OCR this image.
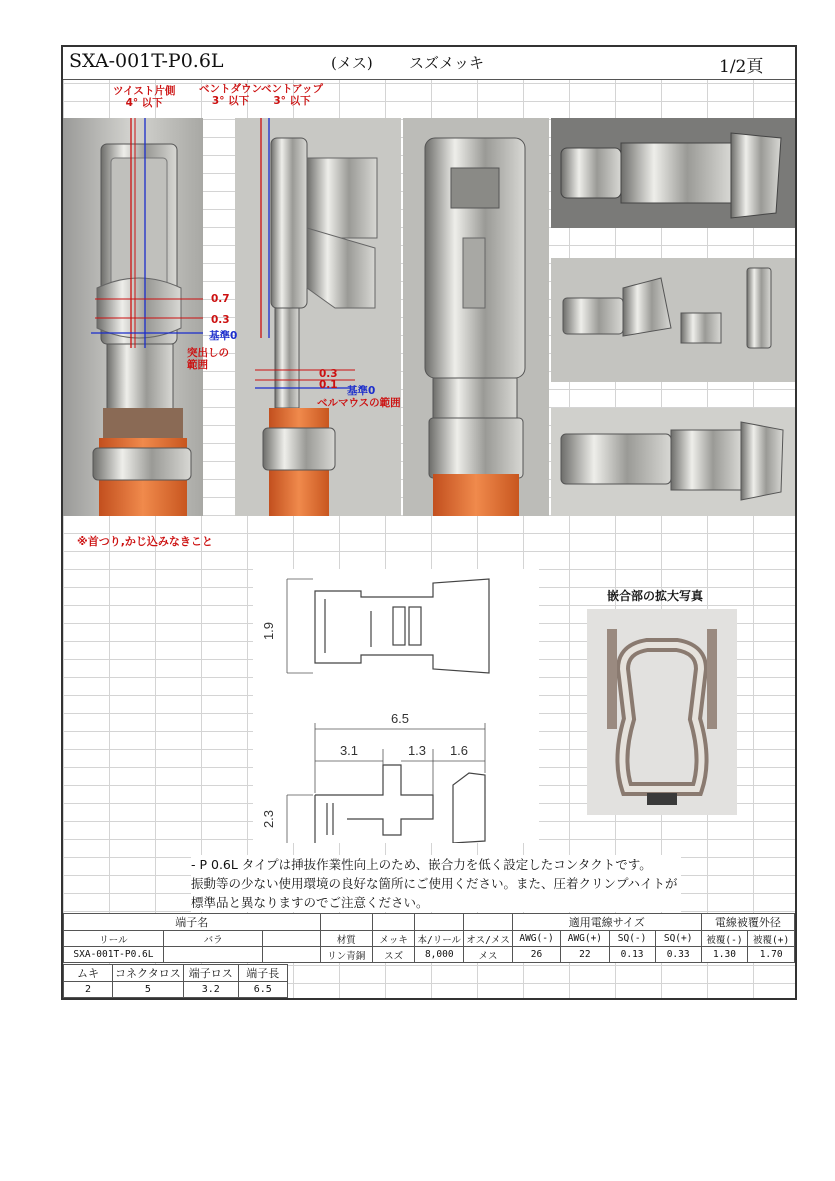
SXA-001T-P0.6L	(メス) スズメッキ	1/2頁
ツイスト片側
4° 以下
ベントダウン
3° 以下
ベントアップ
3° 以下
0.7
0.3
基準0
突出しの
範囲
0.3
0.1 基準0
ベルマウスの範囲
※首つり,かじ込みなきこと
1.9
6.5
3.1	1.3 1.6
2.3
嵌合部の拡大写真
- P 0.6L タイプは挿抜作業性向上のため、嵌合力を低く設定したコンタクトです。
振動等の少ない使用環境の良好な箇所にご使用ください。また、圧着クリンプハイトが
標準品と異なりますのでご注意ください。
端子名							適用電線サイズ				電線被覆外径	
リール	バラ		材質	メッキ	本/リール	オス/メス	AWG(-)	AWG(+)	SQ(-)	SQ(+)	被覆(-)	被覆(+)
SXA-001T-P0.6L			リン青銅	スズ	8,000	メス	26	22	0.13	0.33	1.30	1.70
ムキ	コネクタロス	端子ロス	端子長
2	5	3.2	6.5
